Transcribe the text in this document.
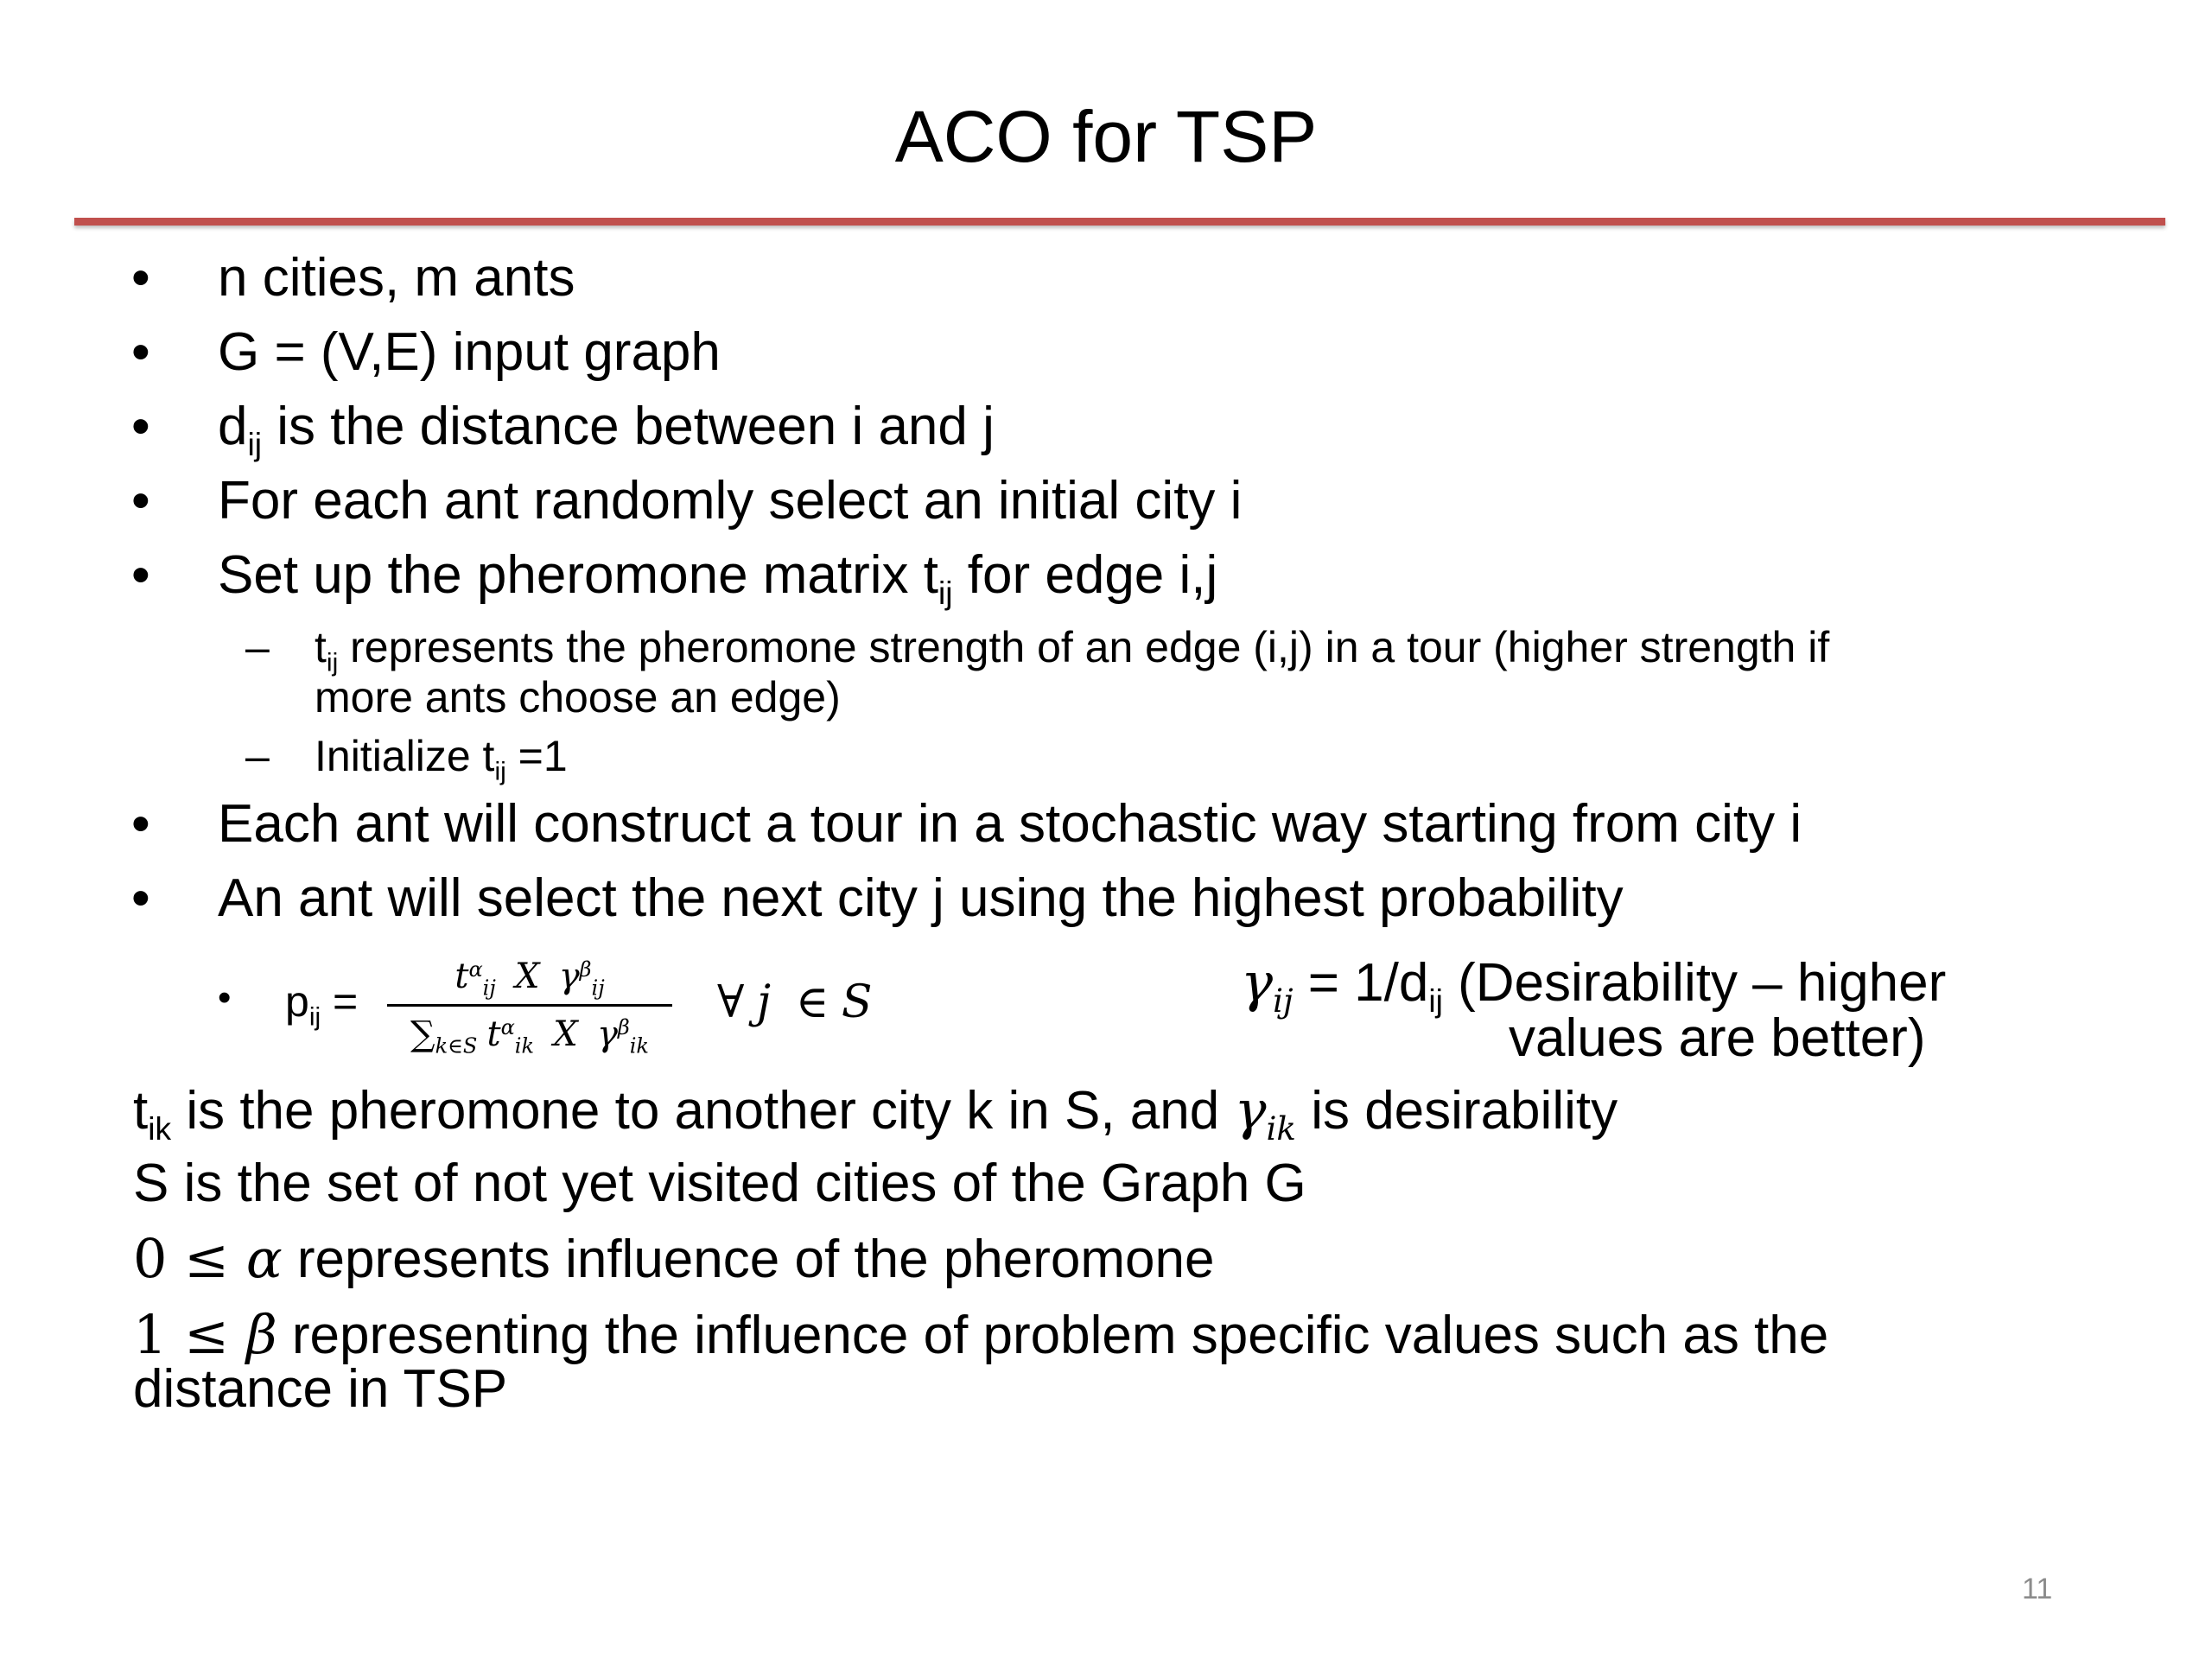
ACO for TSP
• n cities, m ants
• G = (V,E) input graph
• $d_{ij}$ is the distance between i and j
• For each ant randomly select an initial city i
• Set up the pheromone matrix $t_{ij}$ for edge i,j
– $t_{ij}$ represents the pheromone strength of an edge (i,j) in a tour (higher strength if
more ants choose an edge)
– Initialize $t_{ij} =1$
• Each ant will construct a tour in a stochastic way starting from city i
• An ant will select the next city j using the highest probability
• $p_{ij}$ =
$t^\alpha_{ij}$ X $\gamma^\beta_{ij}$
$\sum_{k\in S}$ $t^\alpha_{ik}$ X $\gamma^\beta_{ik}$
∀ j ∈ S	$\gamma_{ij} = 1/d_{ij}$ (Desirability – higher
values are better)
$t_{ik}$ is the pheromone to another city k in S, and $\gamma_{ik}$ is desirability
S is the set of not yet visited cities of the Graph G
0 ≤ α represents influence of the pheromone
1 ≤ β representing the influence of problem specific values such as the
distance in TSP
11
